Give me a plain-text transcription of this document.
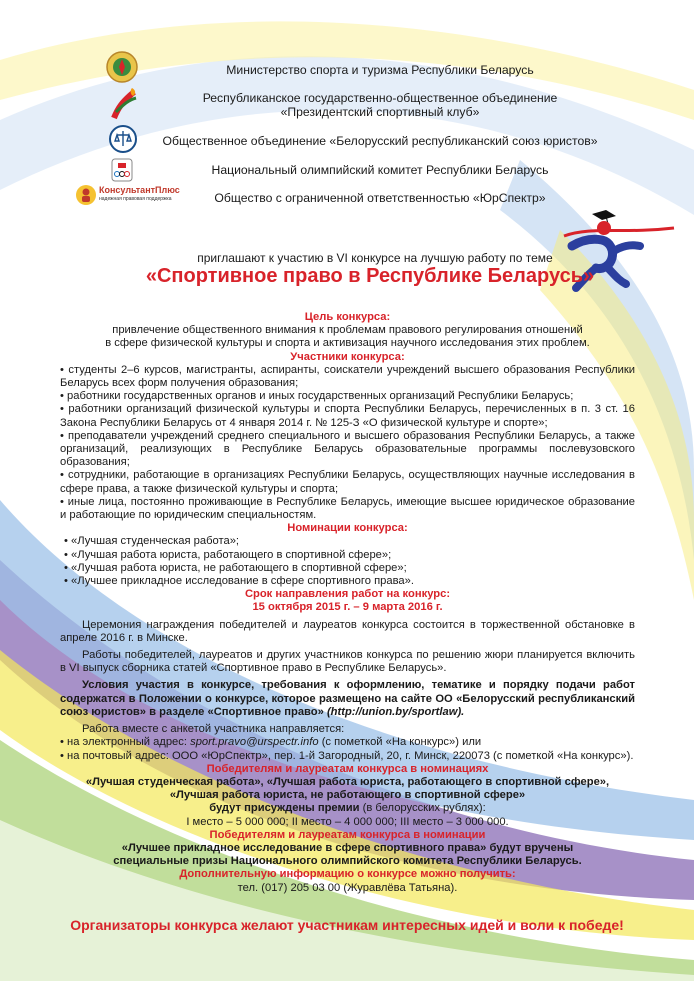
КонсультантПлюс
надежная правовая поддержка
Министерство спорта и туризма Республики Беларусь
Республиканское государственно-общественное объединение
«Президентский спортивный клуб»
Общественное объединение «Белорусский республиканский союз юристов»
Национальный олимпийский комитет Республики Беларусь
Общество с ограниченной ответственностью «ЮрСпектр»
приглашают к участию в VI конкурсе на лучшую работу по теме
«Спортивное право в Республике Беларусь»
Цель конкурса:

привлечение общественного внимания к проблемам правового регулирования отношений

в сфере физической культуры и спорта и активизация научного исследования этих проблем.

Участники конкурса:

• студенты 2–6 курсов, магистранты, аспиранты, соискатели учреждений высшего образования Республики Беларусь всех форм получения образования;

• работники государственных органов и иных государственных организаций Республики Беларусь;

• работники организаций физической культуры и спорта Республики Беларусь, перечисленных в п. 3 ст. 16 Закона Республики Беларусь от 4 января 2014 г. № 125-З «О физической культуре и спорте»;

• преподаватели учреждений среднего специального и высшего образования Республики Беларусь, а также организаций, реализующих в Республике Беларусь образовательные программы послевузовского образования;

• сотрудники, работающие в организациях Республики Беларусь, осуществляющих научные исследования в сфере права, а также физической культуры и спорта;

• иные лица, постоянно проживающие в Республике Беларусь, имеющие высшее юридическое образование и работающие по юридическим специальностям.

Номинации конкурса:

• «Лучшая студенческая работа»;

• «Лучшая работа юриста, работающего в спортивной сфере»;

• «Лучшая работа юриста, не работающего в спортивной сфере»;

• «Лучшее прикладное исследование в сфере спортивного права».

Срок направления работ на конкурс:
15 октября 2015 г. – 9 марта 2016 г.

Церемония награждения победителей и лауреатов конкурса состоится в торжественной обстановке в апреле 2016 г. в Минске.

Работы победителей, лауреатов и других участников конкурса по решению жюри планируется включить в VI выпуск сборника статей «Спортивное право в Республике Беларусь».

Условия участия в конкурсе, требования к оформлению, тематике и порядку подачи работ содержатся в Положении о конкурсе, которое размещено на сайте ОО «Белорусский республиканский союз юристов» в разделе «Спортивное право» (http://union.by/sportlaw).

Работа вместе с анкетой участника направляется:

• на электронный адрес: sport.pravo@urspectr.info (с пометкой «На конкурс») или

• на почтовый адрес: ООО «ЮрСпектр», пер. 1-й Загородный, 20, г. Минск, 220073 (с пометкой «На конкурс»).

Победителям и лауреатам конкурса в номинациях

«Лучшая студенческая работа», «Лучшая работа юриста, работающего в спортивной сфере»,

«Лучшая работа юриста, не работающего в спортивной сфере»

будут присуждены премии (в белорусских рублях):

I место – 5 000 000; II место – 4 000 000; III место – 3 000 000.

Победителям и лауреатам конкурса в номинации

«Лучшее прикладное исследование в сфере спортивного права» будут вручены

специальные призы Национального олимпийского комитета Республики Беларусь.

Дополнительную информацию о конкурсе можно получить:

тел. (017) 205 03 00 (Журавлёва Татьяна).

Организаторы конкурса желают участникам интересных идей и воли к победе!
